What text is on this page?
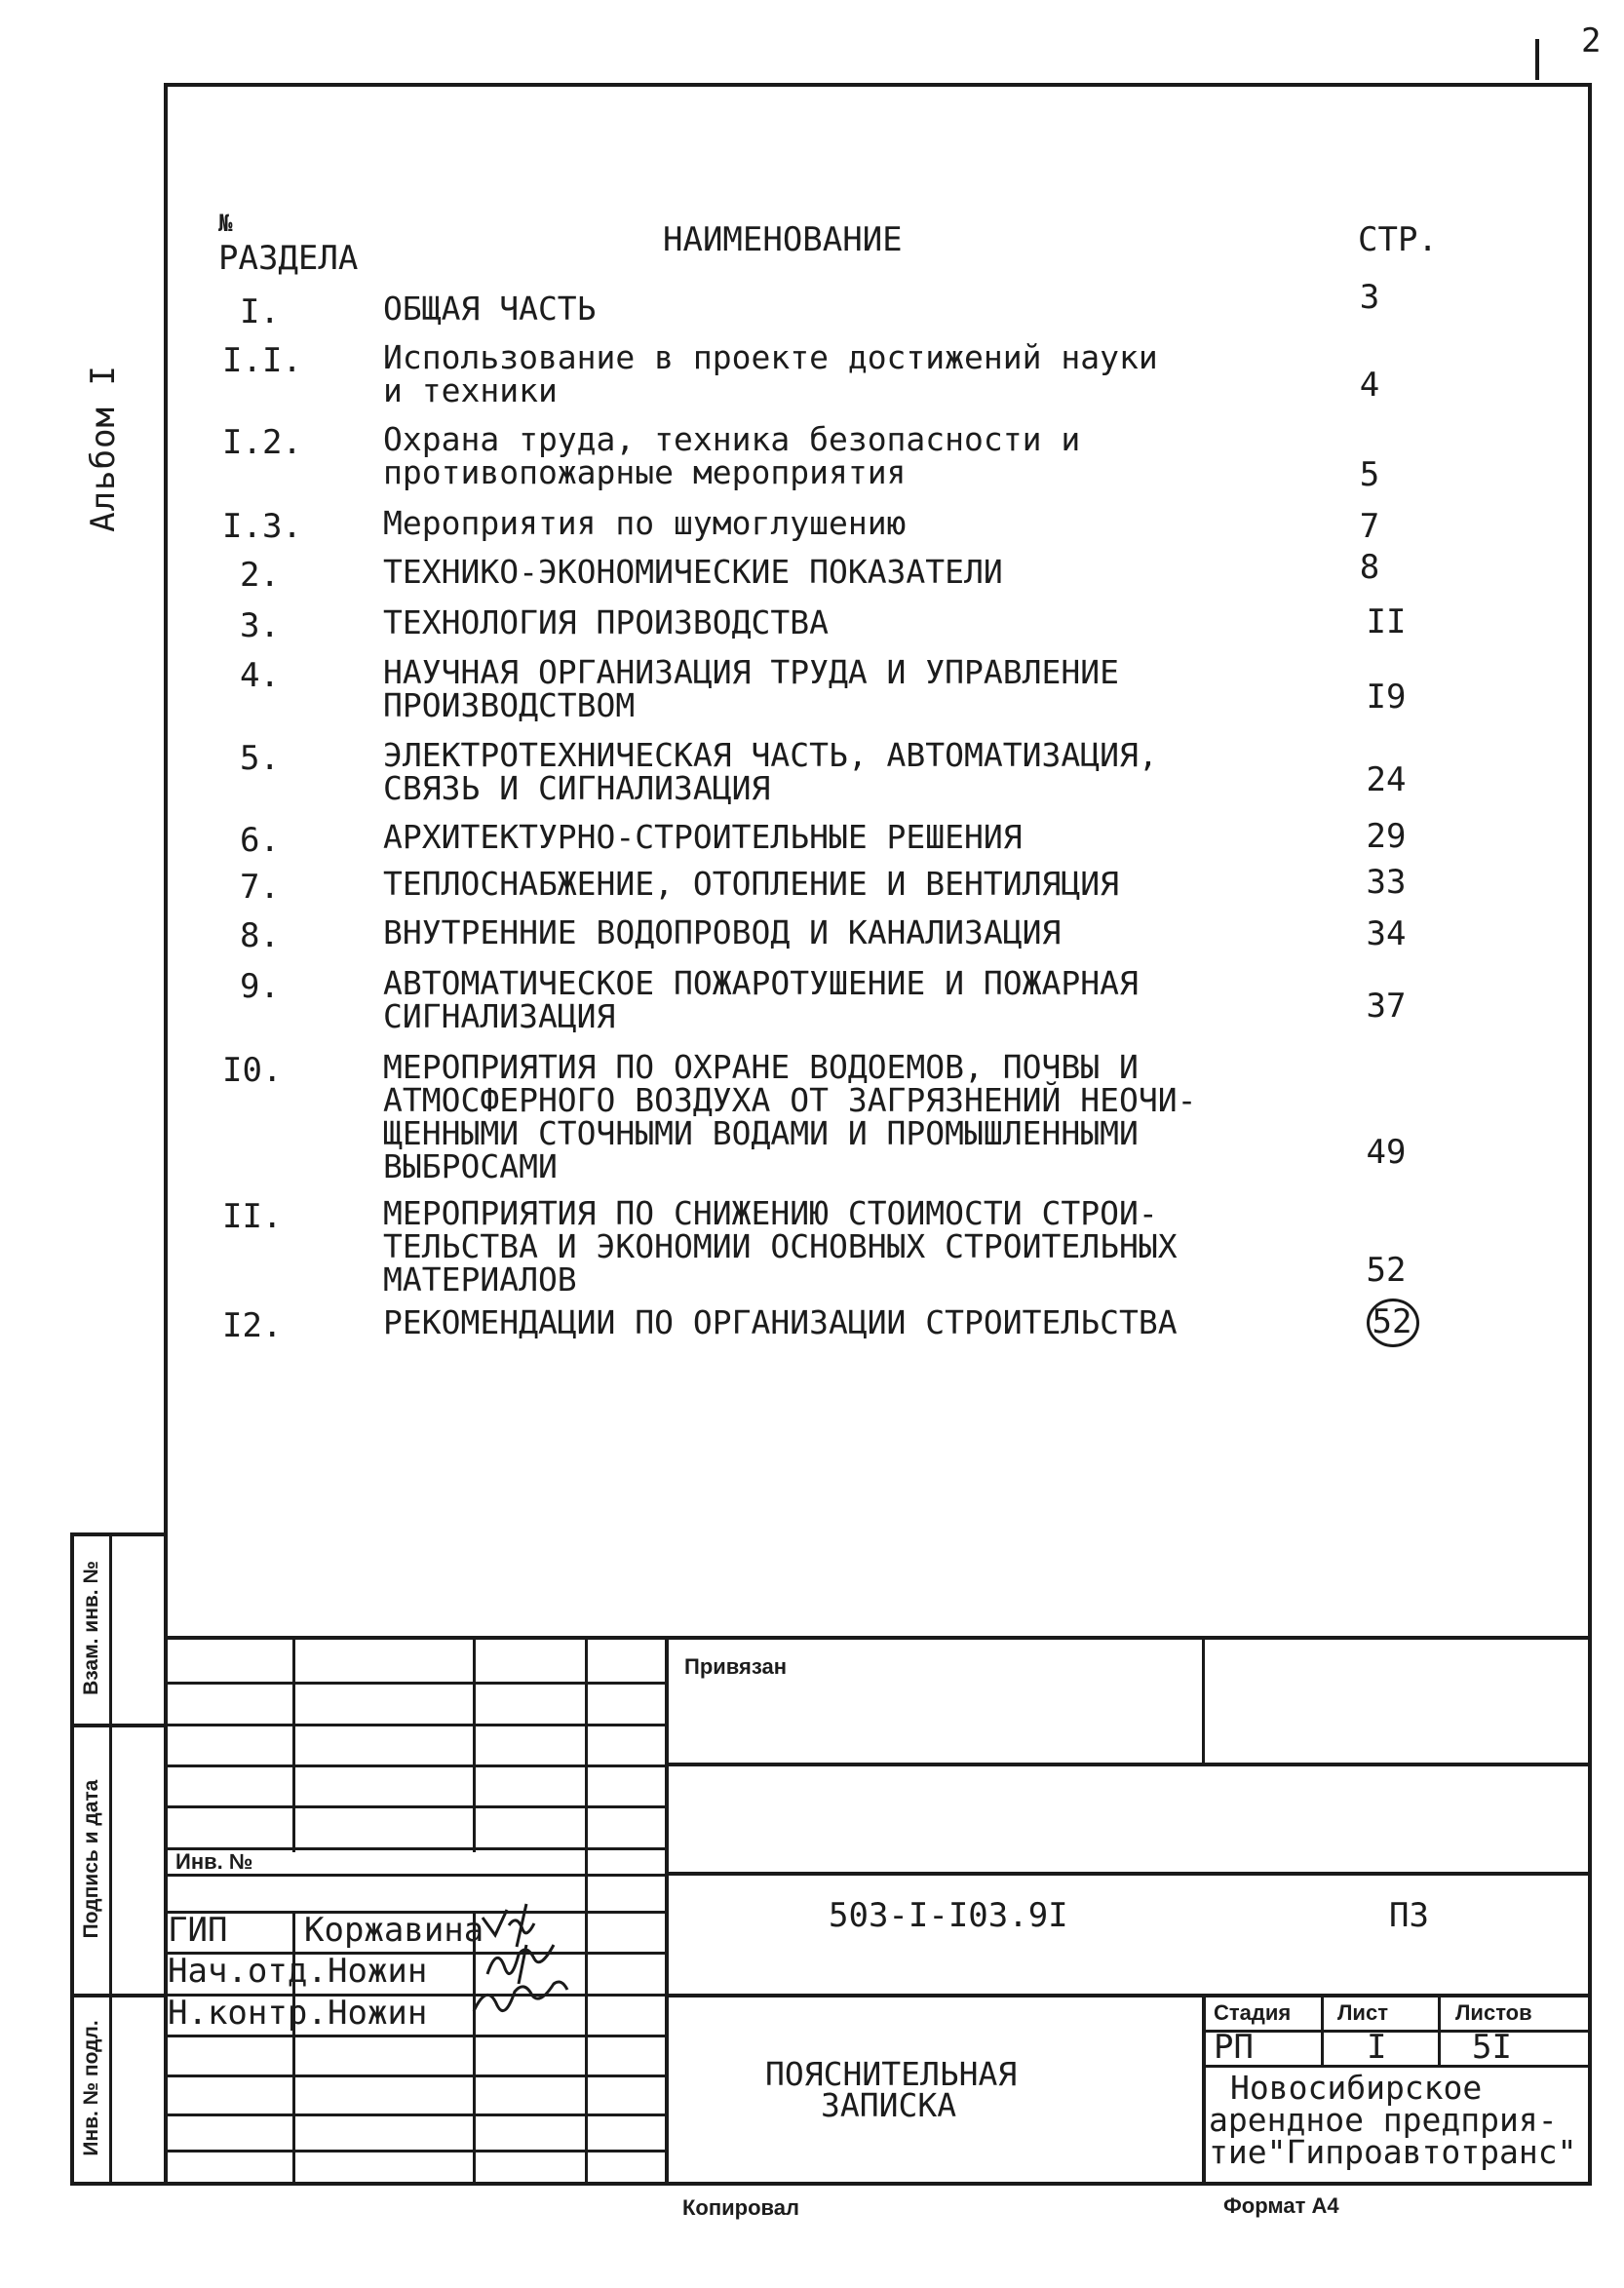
2
Альбом I
№
РАЗДЕЛА	НАИМЕНОВАНИЕ	СТР.
I.	ОБЩАЯ ЧАСТЬ	3
I.I.	Использование в проекте достижений науки
и техники	4
I.2.	Охрана труда, техника безопасности и
противопожарные мероприятия	5
I.3.	Мероприятия по шумоглушению	7
2.	ТЕХНИКО-ЭКОНОМИЧЕСКИЕ ПОКАЗАТЕЛИ	8
3.	ТЕХНОЛОГИЯ ПРОИЗВОДСТВА	II
4.	НАУЧНАЯ ОРГАНИЗАЦИЯ ТРУДА И УПРАВЛЕНИЕ
ПРОИЗВОДСТВОМ	I9
5.	ЭЛЕКТРОТЕХНИЧЕСКАЯ ЧАСТЬ, АВТОМАТИЗАЦИЯ,
СВЯЗЬ И СИГНАЛИЗАЦИЯ	24
6.	АРХИТЕКТУРНО-СТРОИТЕЛЬНЫЕ РЕШЕНИЯ	29
7.	ТЕПЛОСНАБЖЕНИЕ, ОТОПЛЕНИЕ И ВЕНТИЛЯЦИЯ	33
8.	ВНУТРЕННИЕ ВОДОПРОВОД И КАНАЛИЗАЦИЯ	34
9.	АВТОМАТИЧЕСКОЕ ПОЖАРОТУШЕНИЕ И ПОЖАРНАЯ
СИГНАЛИЗАЦИЯ	37
I0.	МЕРОПРИЯТИЯ ПО ОХРАНЕ ВОДОЕМОВ, ПОЧВЫ И
АТМОСФЕРНОГО ВОЗДУХА ОТ ЗАГРЯЗНЕНИЙ НЕОЧИ-
ЩЕННЫМИ СТОЧНЫМИ ВОДАМИ И ПРОМЫШЛЕННЫМИ
ВЫБРОСАМИ	49
II.	МЕРОПРИЯТИЯ ПО СНИЖЕНИЮ СТОИМОСТИ СТРОИ-
ТЕЛЬСТВА И ЭКОНОМИИ ОСНОВНЫХ СТРОИТЕЛЬНЫХ
МАТЕРИАЛОВ	52
I2.	РЕКОМЕНДАЦИИ ПО ОРГАНИЗАЦИИ СТРОИТЕЛЬСТВА	52
Привязан
Инв. №
503-I-I03.9I	ПЗ
ГИП Коржавина
Нач.отд. Ножин
Н.контр. Ножин
ПОЯСНИТЕЛЬНАЯ
ЗАПИСКА
Стадия Лист	Листов
РП	I	5I
Новосибирское
арендное предприя-
тие"Гипроавтотранс"
Взам. инв. №
Подпись и дата
Инв. № подл.
Копировал	Формат А4
